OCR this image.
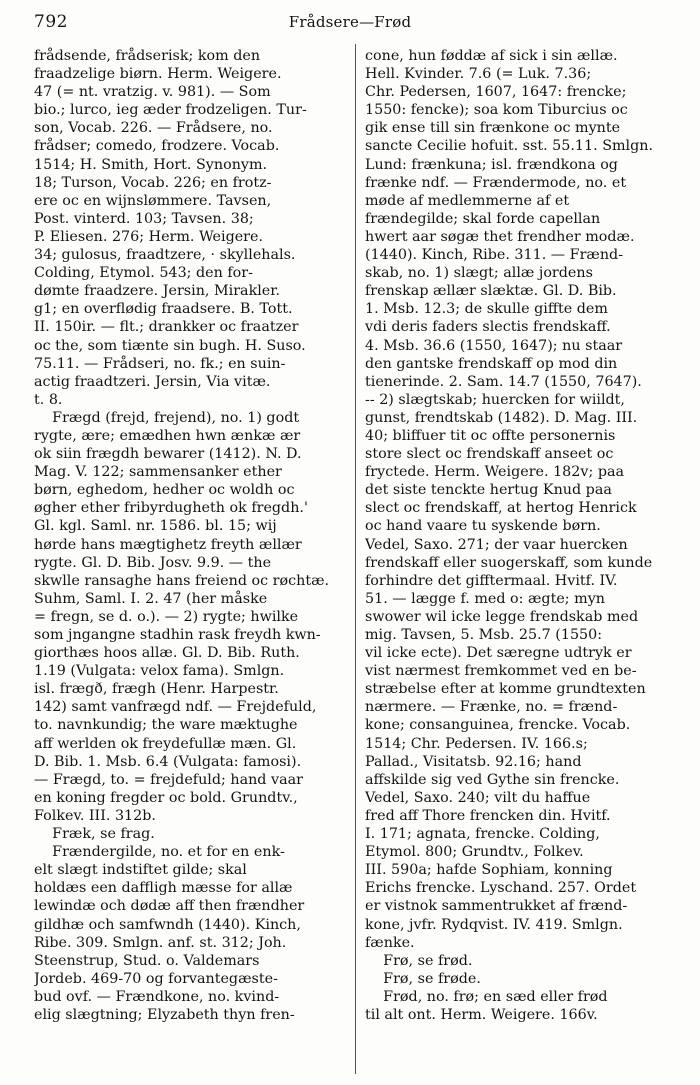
792	Frådsere—Frød
frådsende, frådserisk; kom den
fraadzelige biørn. Herm. Weigere.
47 (= nt. vratzig. v. 981). — Som
bio.; lurco, ieg æder frodzeligen. Tur-
son, Vocab. 226. — Frådsere, no.
frådser; comedo, frodzere. Vocab.
1514; H. Smith, Hort. Synonym.
18; Turson, Vocab. 226; en frotz-
ere oc en wijnslømmere. Tavsen,
Post. vinterd. 103; Tavsen. 38;
P. Eliesen. 276; Herm. Weigere.
34; gulosus, fraadtzere, · skyllehals.
Colding, Etymol. 543; den for-
dømte fraadzere. Jersin, Mirakler.
g1; en overflødig fraadsere. B. Tott.
II. 150ir. — flt.; drankker oc fraatzer
oc the, som tiænte sin bugh. H. Suso.
75.11. — Frådseri, no. fk.; en suin-
actig fraadtzeri. Jersin, Via vitæ.
t. 8.
Frægd (frejd, frejend), no. 1) godt
rygte, ære; emædhen hwn ænkæ ær
ok siin frægdh bewarer (1412). N. D.
Mag. V. 122; sammensanker ether
børn, eghedom, hedher oc woldh oc
øgher ether fribyrdugheth ok fregdh.'
Gl. kgl. Saml. nr. 1586. bl. 15; wij
hørde hans mægtighetz freyth ællær
rygte. Gl. D. Bib. Josv. 9.9. — the
skwlle ransaghe hans freiend oc røchtæ.
Suhm, Saml. I. 2. 47 (her måske
= fregn, se d. o.). — 2) rygte; hwilke
som jngangne stadhin rask freydh kwn-
giorthæs hoos allæ. Gl. D. Bib. Ruth.
1.19 (Vulgata: velox fama). Smlgn.
isl. frægð, frægh (Henr. Harpestr.
142) samt vanfrægd ndf. — Frejdefuld,
to. navnkundig; the ware mæktughe
aff werlden ok freydefullæ mæn. Gl.
D. Bib. 1. Msb. 6.4 (Vulgata: famosi).
— Frægd, to. = frejdefuld; hand vaar
en koning fregder oc bold. Grundtv.,
Folkev. III. 312b.
Fræk, se frag.
Frændergilde, no. et for en enk-
elt slægt indstiftet gilde; skal
holdæs een daffligh mæsse for allæ
lewindæ och dødæ aff then frændher
gildhæ och samfwndh (1440). Kinch,
Ribe. 309. Smlgn. anf. st. 312; Joh.
Steenstrup, Stud. o. Valdemars
Jordeb. 469-70 og forvantegæste-
bud ovf. — Frændkone, no. kvind-
elig slægtning; Elyzabeth thyn fren-
cone, hun føddæ af sick i sin ællæ.
Hell. Kvinder. 7.6 (= Luk. 7.36;
Chr. Pedersen, 1607, 1647: frencke;
1550: fencke); soa kom Tiburcius oc
gik ense till sin frænkone oc mynte
sancte Cecilie hofuit. sst. 55.11. Smlgn.
Lund: frænkuna; isl. frændkona og
frænke ndf. — Frændermode, no. et
møde af medlemmerne af et
frændegilde; skal forde capellan
hwert aar søgæ thet frendher modæ.
(1440). Kinch, Ribe. 311. — Frænd-
skab, no. 1) slægt; allæ jordens
frenskap ællær slæktæ. Gl. D. Bib.
1. Msb. 12.3; de skulle giffte dem
vdi deris faders slectis frendskaff.
4. Msb. 36.6 (1550, 1647); nu staar
den gantske frendskaff op mod din
tienerinde. 2. Sam. 14.7 (1550, 7647).
-- 2) slægtskab; huercken for wiildt,
gunst, frendtskab (1482). D. Mag. III.
40; bliffuer tit oc offte personernis
store slect oc frendskaff anseet oc
fryctede. Herm. Weigere. 182v; paa
det siste tenckte hertug Knud paa
slect oc frendskaff, at hertog Henrick
oc hand vaare tu syskende børn.
Vedel, Saxo. 271; der vaar huercken
frendskaff eller suogerskaff, som kunde
forhindre det gifftermaal. Hvitf. IV.
51. — lægge f. med o: ægte; myn
swower wil icke legge frendskab med
mig. Tavsen, 5. Msb. 25.7 (1550:
vil icke ecte). Det særegne udtryk er
vist nærmest fremkommet ved en be-
stræbelse efter at komme grundtexten
nærmere. — Frænke, no. = frænd-
kone; consanguinea, frencke. Vocab.
1514; Chr. Pedersen. IV. 166.s;
Pallad., Visitatsb. 92.16; hand
affskilde sig ved Gythe sin frencke.
Vedel, Saxo. 240; vilt du haffue
fred aff Thore frencken din. Hvitf.
I. 171; agnata, frencke. Colding,
Etymol. 800; Grundtv., Folkev.
III. 590a; hafde Sophiam, konning
Erichs frencke. Lyschand. 257. Ordet
er vistnok sammentrukket af frænd-
kone, jvfr. Rydqvist. IV. 419. Smlgn.
fænke.
Frø, se frød.
Frø, se frøde.
Frød, no. frø; en sæd eller frød
til alt ont. Herm. Weigere. 166v.
